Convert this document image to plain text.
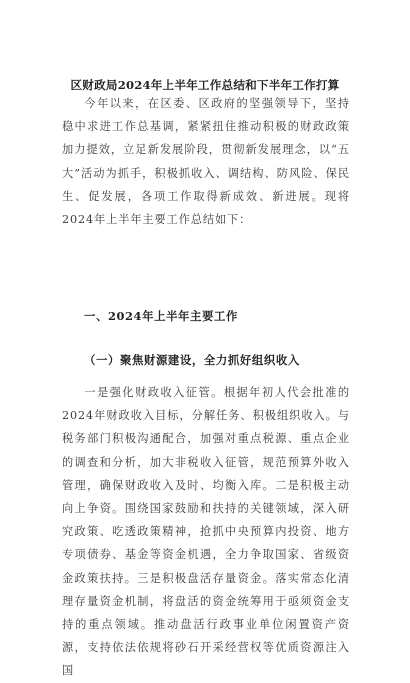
区财政局2024年上半年工作总结和下半年工作打算

今年以来，在区委、区政府的坚强领导下，坚持稳中求进工作总基调，紧紧扭住推动积极的财政政策加力提效，立足新发展阶段，贯彻新发展理念，以“五大”活动为抓手，积极抓收入、调结构、防风险、保民生、促发展，各项工作取得新成效、新进展。现将2024年上半年主要工作总结如下：

一、2024年上半年主要工作
（一）聚焦财源建设，全力抓好组织收入

一是强化财政收入征管。根据年初人代会批准的2024年财政收入目标，分解任务、积极组织收入。与税务部门积极沟通配合，加强对重点税源、重点企业的调查和分析，加大非税收入征管，规范预算外收入管理，确保财政收入及时、均衡入库。二是积极主动向上争资。围绕国家鼓励和扶持的关键领域，深入研究政策、吃透政策精神，抢抓中央预算内投资、地方专项债券、基金等资金机遇，全力争取国家、省级资金政策扶持。三是积极盘活存量资金。落实常态化清理存量资金机制，将盘活的资金统筹用于亟须资金支持的重点领域。推动盘活行政事业单位闲置资产资源，支持依法依规将砂石开采经营权等优质资源注入国
